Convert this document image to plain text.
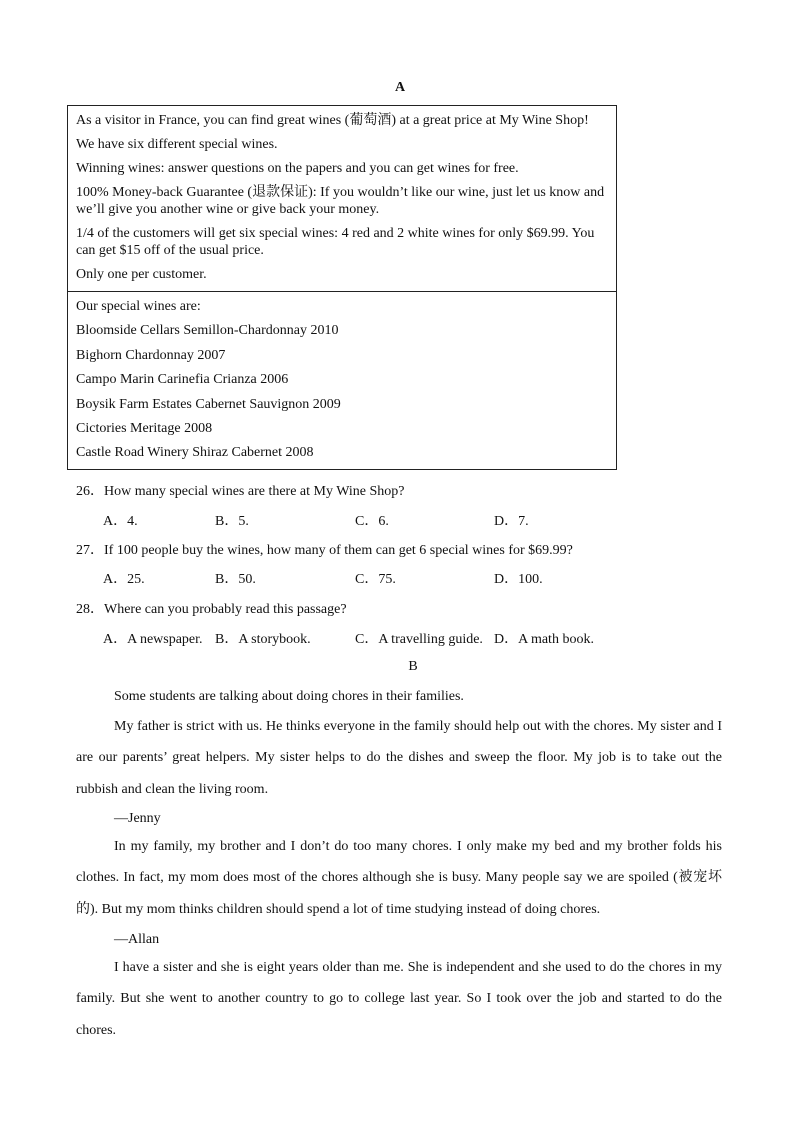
A

As a visitor in France, you can find great wines (葡萄酒) at a great price at My Wine Shop!

We have six different special wines.

Winning wines: answer questions on the papers and you can get wines for free.

100% Money-back Guarantee (退款保证): If you wouldn’t like our wine, just let us know and we’ll give you another wine or give back your money.

1/4 of the customers will get six special wines: 4 red and 2 white wines for only $69.99. You can get $15 off of the usual price.

Only one per customer.

Our special wines are:

Bloomside Cellars Semillon-Chardonnay 2010

Bighorn Chardonnay 2007

Campo Marin Carinefia Crianza 2006

Boysik Farm Estates Cabernet Sauvignon 2009

Cictories Meritage 2008

Castle Road Winery Shiraz Cabernet 2008

26．How many special wines are there at My Wine Shop?
A．4.	B．5.	C．6.	D．7.
27．If 100 people buy the wines, how many of them can get 6 special wines for $69.99?
A．25.	B．50.	C．75.	D．100.
28．Where can you probably read this passage?
A．A newspaper. B．A storybook.	C．A travelling guide. D．A math book.
B
Some students are talking about doing chores in their families.
My father is strict with us. He thinks everyone in the family should help out with the chores. My sister and I are our parents’ great helpers. My sister helps to do the dishes and sweep the floor. My job is to take out the rubbish and clean the living room.
—Jenny
In my family, my brother and I don’t do too many chores. I only make my bed and my brother folds his clothes. In fact, my mom does most of the chores although she is busy. Many people say we are spoiled (被宠坏的). But my mom thinks children should spend a lot of time studying instead of doing chores.
—Allan
I have a sister and she is eight years older than me. She is independent and she used to do the chores in my family. But she went to another country to go to college last year. So I took over the job and started to do the chores.
